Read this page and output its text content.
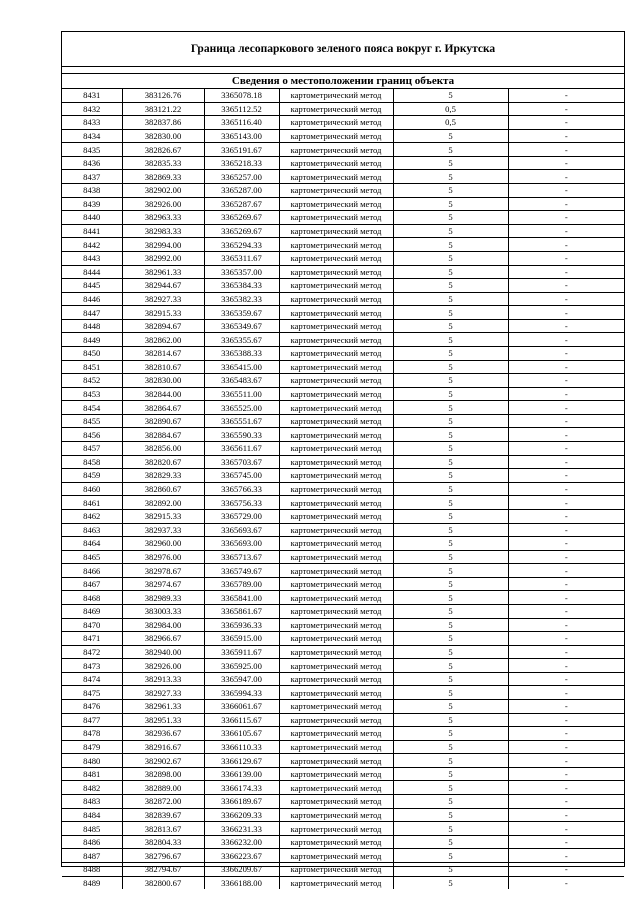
Граница лесопаркового зеленого пояса вокруг г. Иркутска
Сведения о местоположении границ объекта
8431	383126.76	3365078.18	картометрический метод	5	-
8432	383121.22	3365112.52	картометрический метод	0,5	-
8433	382837.86	3365116.40	картометрический метод	0,5	-
8434	382830.00	3365143.00	картометрический метод	5	-
8435	382826.67	3365191.67	картометрический метод	5	-
8436	382835.33	3365218.33	картометрический метод	5	-
8437	382869.33	3365257.00	картометрический метод	5	-
8438	382902.00	3365287.00	картометрический метод	5	-
8439	382926.00	3365287.67	картометрический метод	5	-
8440	382963.33	3365269.67	картометрический метод	5	-
8441	382983.33	3365269.67	картометрический метод	5	-
8442	382994.00	3365294.33	картометрический метод	5	-
8443	382992.00	3365311.67	картометрический метод	5	-
8444	382961.33	3365357.00	картометрический метод	5	-
8445	382944.67	3365384.33	картометрический метод	5	-
8446	382927.33	3365382.33	картометрический метод	5	-
8447	382915.33	3365359.67	картометрический метод	5	-
8448	382894.67	3365349.67	картометрический метод	5	-
8449	382862.00	3365355.67	картометрический метод	5	-
8450	382814.67	3365388.33	картометрический метод	5	-
8451	382810.67	3365415.00	картометрический метод	5	-
8452	382830.00	3365483.67	картометрический метод	5	-
8453	382844.00	3365511.00	картометрический метод	5	-
8454	382864.67	3365525.00	картометрический метод	5	-
8455	382890.67	3365551.67	картометрический метод	5	-
8456	382884.67	3365590.33	картометрический метод	5	-
8457	382856.00	3365611.67	картометрический метод	5	-
8458	382820.67	3365703.67	картометрический метод	5	-
8459	382829.33	3365745.00	картометрический метод	5	-
8460	382860.67	3365766.33	картометрический метод	5	-
8461	382892.00	3365756.33	картометрический метод	5	-
8462	382915.33	3365729.00	картометрический метод	5	-
8463	382937.33	3365693.67	картометрический метод	5	-
8464	382960.00	3365693.00	картометрический метод	5	-
8465	382976.00	3365713.67	картометрический метод	5	-
8466	382978.67	3365749.67	картометрический метод	5	-
8467	382974.67	3365789.00	картометрический метод	5	-
8468	382989.33	3365841.00	картометрический метод	5	-
8469	383003.33	3365861.67	картометрический метод	5	-
8470	382984.00	3365936.33	картометрический метод	5	-
8471	382966.67	3365915.00	картометрический метод	5	-
8472	382940.00	3365911.67	картометрический метод	5	-
8473	382926.00	3365925.00	картометрический метод	5	-
8474	382913.33	3365947.00	картометрический метод	5	-
8475	382927.33	3365994.33	картометрический метод	5	-
8476	382961.33	3366061.67	картометрический метод	5	-
8477	382951.33	3366115.67	картометрический метод	5	-
8478	382936.67	3366105.67	картометрический метод	5	-
8479	382916.67	3366110.33	картометрический метод	5	-
8480	382902.67	3366129.67	картометрический метод	5	-
8481	382898.00	3366139.00	картометрический метод	5	-
8482	382889.00	3366174.33	картометрический метод	5	-
8483	382872.00	3366189.67	картометрический метод	5	-
8484	382839.67	3366209.33	картометрический метод	5	-
8485	382813.67	3366231.33	картометрический метод	5	-
8486	382804.33	3366232.00	картометрический метод	5	-
8487	382796.67	3366223.67	картометрический метод	5	-
8488	382794.67	3366209.67	картометрический метод	5	-
8489	382800.67	3366188.00	картометрический метод	5	-
